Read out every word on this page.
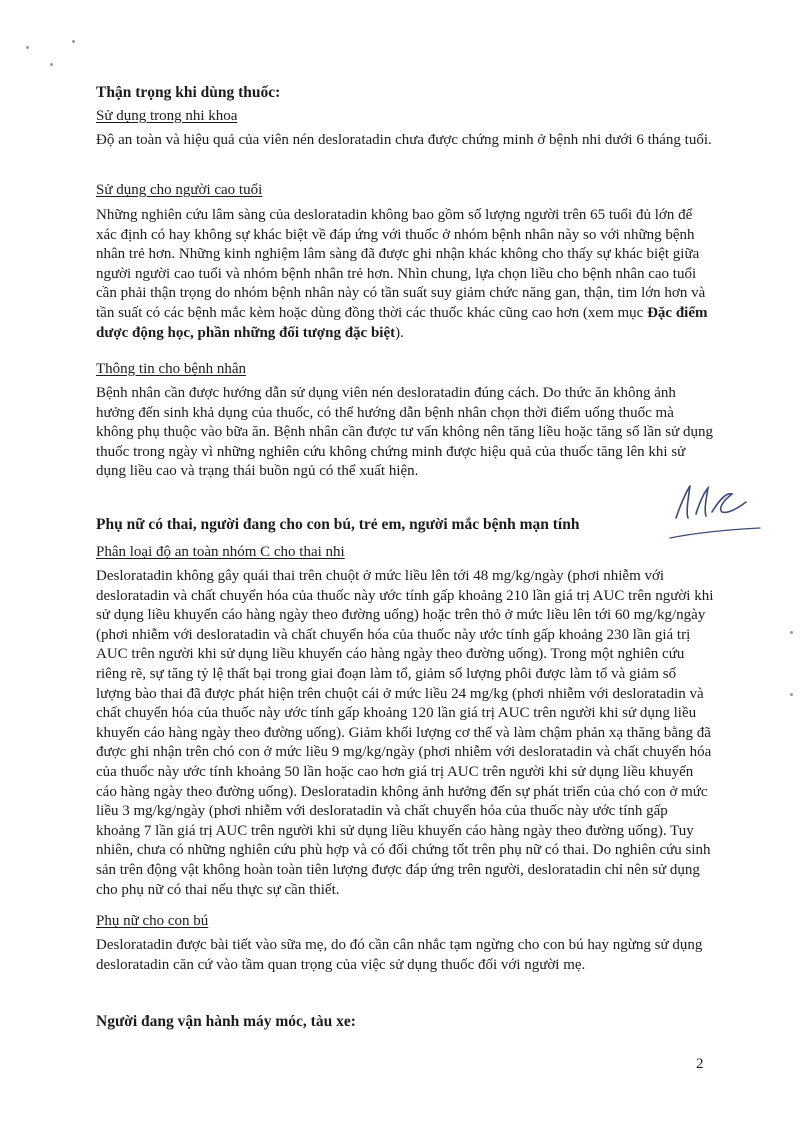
Thận trọng khi dùng thuốc:
Sử dụng trong nhi khoa
Độ an toàn và hiệu quả của viên nén desloratadin chưa được chứng minh ở bệnh nhi dưới 6 tháng tuổi.
Sử dụng cho người cao tuổi
Những nghiên cứu lâm sàng của desloratadin không bao gồm số lượng người trên 65 tuổi đủ lớn để xác định có hay không sự khác biệt về đáp ứng với thuốc ở nhóm bệnh nhân này so với những bệnh nhân trẻ hơn. Những kinh nghiệm lâm sàng đã được ghi nhận khác không cho thấy sự khác biệt giữa người người cao tuổi và nhóm bệnh nhân trẻ hơn. Nhìn chung, lựa chọn liều cho bệnh nhân cao tuổi cần phải thận trọng do nhóm bệnh nhân này có tần suất suy giảm chức năng gan, thận, tim lớn hơn và tần suất có các bệnh mắc kèm hoặc dùng đồng thời các thuốc khác cũng cao hơn (xem mục Đặc điểm dược động học, phần những đối tượng đặc biệt).
Thông tin cho bệnh nhân
Bệnh nhân cần được hướng dẫn sử dụng viên nén desloratadin đúng cách. Do thức ăn không ảnh hưởng đến sinh khả dụng của thuốc, có thể hướng dẫn bệnh nhân chọn thời điểm uống thuốc mà không phụ thuộc vào bữa ăn. Bệnh nhân cần được tư vấn không nên tăng liều hoặc tăng số lần sử dụng thuốc trong ngày vì những nghiên cứu không chứng minh được hiệu quả của thuốc tăng lên khi sử dụng liều cao và trạng thái buồn ngủ có thể xuất hiện.
Phụ nữ có thai, người đang cho con bú, trẻ em, người mắc bệnh mạn tính
Phân loại độ an toàn nhóm C cho thai nhi
Desloratadin không gây quái thai trên chuột ở mức liều lên tới 48 mg/kg/ngày (phơi nhiễm với desloratadin và chất chuyển hóa của thuốc này ước tính gấp khoảng 210 lần giá trị AUC trên người khi sử dụng liều khuyến cáo hàng ngày theo đường uống) hoặc trên thỏ ở mức liều lên tới 60 mg/kg/ngày (phơi nhiễm với desloratadin và chất chuyển hóa của thuốc này ước tính gấp khoảng 230 lần giá trị AUC trên người khi sử dụng liều khuyến cáo hàng ngày theo đường uống). Trong một nghiên cứu riêng rẽ, sự tăng tỷ lệ thất bại trong giai đoạn làm tổ, giảm số lượng phôi được làm tổ và giảm số lượng bào thai đã được phát hiện trên chuột cái ở mức liều 24 mg/kg (phơi nhiễm với desloratadin và chất chuyển hóa của thuốc này ước tính gấp khoảng 120 lần giá trị AUC trên người khi sử dụng liều khuyến cáo hàng ngày theo đường uống). Giảm khối lượng cơ thể và làm chậm phản xạ thăng bằng đã được ghi nhận trên chó con ở mức liều 9 mg/kg/ngày (phơi nhiễm với desloratadin và chất chuyển hóa của thuốc này ước tính khoảng 50 lần hoặc cao hơn giá trị AUC trên người khi sử dụng liều khuyến cáo hàng ngày theo đường uống). Desloratadin không ảnh hưởng đến sự phát triển của chó con ở mức liều 3 mg/kg/ngày (phơi nhiễm với desloratadin và chất chuyển hóa của thuốc này ước tính gấp khoảng 7 lần giá trị AUC trên người khi sử dụng liều khuyến cáo hàng ngày theo đường uống). Tuy nhiên, chưa có những nghiên cứu phù hợp và có đối chứng tốt trên phụ nữ có thai. Do nghiên cứu sinh sản trên động vật không hoàn toàn tiên lượng được đáp ứng trên người, desloratadin chỉ nên sử dụng cho phụ nữ có thai nếu thực sự cần thiết.
Phụ nữ cho con bú
Desloratadin được bài tiết vào sữa mẹ, do đó cần cân nhắc tạm ngừng cho con bú hay ngừng sử dụng desloratadin căn cứ vào tầm quan trọng của việc sử dụng thuốc đối với người mẹ.
Người đang vận hành máy móc, tàu xe:
2
